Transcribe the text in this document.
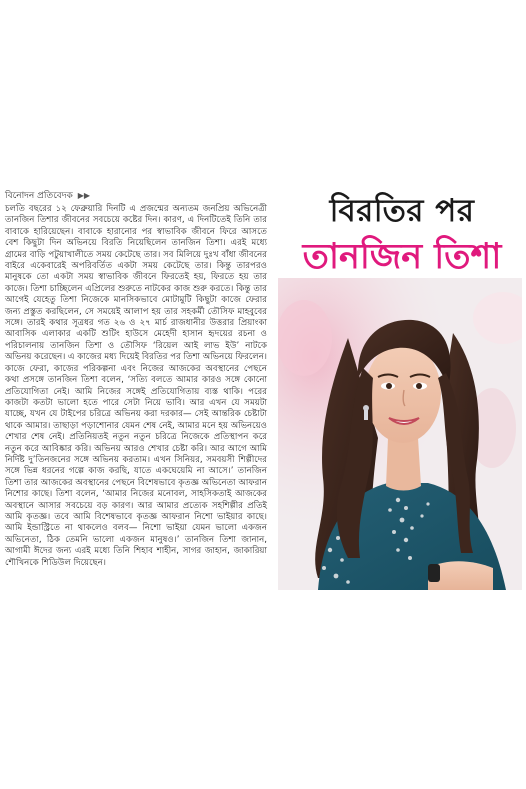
বিনোদন প্রতিবেদক ▶▶
চলতি বছরের ১২ ফেব্রুয়ারি দিনটি এ প্রজন্মের অন্যতম জনপ্রিয় অভিনেত্রী তানজিন তিশার জীবনের সবচেয়ে কষ্টের দিন। কারণ, এ দিনটিতেই তিনি তার বাবাকে হারিয়েছেন। বাবাকে হারানোর পর স্বাভাবিক জীবনে ফিরে আসতে বেশ কিছুটা দিন অভিনয়ে বিরতি নিয়েছিলেন তানজিন তিশা। এরই মধ্যে গ্রামের বাড়ি পটুয়াখালীতে সময় কেটেছে তার। সব মিলিয়ে দুঃখ বাঁধা জীবনের বাইরে একেবারেই অপরিবর্তিত একটা সময় কেটেছে তার। কিন্তু তারপরও মানুষকে তো একটা সময় স্বাভাবিক জীবনে ফিরতেই হয়, ফিরতে হয় তার কাজে। তিশা চাচ্ছিলেন এপ্রিলের শুরুতে নাটকের কাজ শুরু করতে। কিন্তু তার আগেই যেহেতু তিশা নিজেকে মানসিকভাবে মোটামুটি কিছুটা কাজে ফেরার জন্য প্রস্তুত করছিলেন, সে সময়েই আলাপ হয় তার সহকর্মী তৌসিফ মাহবুবের সঙ্গে। তারই কথার সূত্রধর গত ২৬ ও ২৭ মার্চ রাজধানীর উত্তরার প্রিয়াংকা আবাসিক এলাকার একটি শুটিং হাউসে মেহেদী হাসান হৃদয়ের রচনা ও পরিচালনায় তানজিন তিশা ও তৌসিফ ‘রিয়েল আই লাভ ইউ’ নাটকে অভিনয় করেছেন। এ কাজের মধ্য দিয়েই বিরতির পর তিশা অভিনয়ে ফিরলেন। কাজে ফেরা, কাজের পরিকল্পনা এবং নিজের আজকের অবস্থানের পেছনে কথা প্রসঙ্গে তানজিন তিশা বলেন, ‘সত্যি বলতে আমার কারও সঙ্গে কোনো প্রতিযোগিতা নেই। আমি নিজের সঙ্গেই প্রতিযোগিতায় ব্যস্ত থাকি। পরের কাজটা কতটা ভালো হতে পারে সেটা নিয়ে ভাবি। আর এখন যে সময়টা যাচ্ছে, যখন যে টাইপের চরিত্রে অভিনয় করা দরকার— সেই আন্তরিক চেষ্টাটা থাকে আমার। তাছাড়া পড়াশোনার যেমন শেষ নেই, আমার মনে হয় অভিনয়েও শেখার শেষ নেই। প্রতিনিয়তই নতুন নতুন চরিত্রে নিজেকে প্রতিস্থাপন করে নতুন করে আবিষ্কার করি। অভিনয় আরও শেখার চেষ্টা করি। আর আগে আমি নির্দিষ্ট দু’তিনজনের সঙ্গে অভিনয় করতাম। এখন সিনিয়র, সমবয়সী শিল্পীদের সঙ্গে ভিন্ন ধরনের গল্পে কাজ করছি, যাতে একঘেয়েমি না আসে।’ তানজিন তিশা তার আজকের অবস্থানের পেছনে বিশেষভাবে কৃতজ্ঞ অভিনেতা আফরান নিশোর কাছে। তিশা বলেন, ‘আমার নিজের মনোবল, সাহসিকতাই আজকের অবস্থানে আসার সবচেয়ে বড় কারণ। আর আমার প্রত্যেক সহশিল্পীর প্রতিই আমি কৃতজ্ঞ। তবে আমি বিশেষভাবে কৃতজ্ঞ আফরান নিশো ভাইয়ার কাছে। আমি ইন্ডাস্ট্রিতে না থাকলেও বলব— নিশো ভাইয়া যেমন ভালো একজন অভিনেতা, ঠিক তেমনি ভালো একজন মানুষও।’ তানজিন তিশা জানান, আগামী ঈদের জন্য এরই মধ্যে তিনি শিহাব শাহীন, সাগর জাহান, জাকারিয়া শৌখিনকে শিডিউল দিয়েছেন।
বিরতির পর
তানজিন তিশা
